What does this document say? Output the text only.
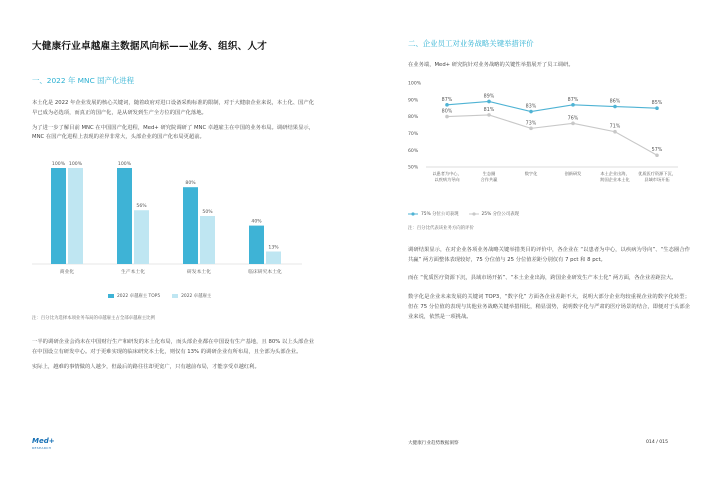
大健康行业卓越雇主数据风向标——业务、组织、人才
一、2022 年 MNC 国产化进程
本土化是 2022 年企业发展的核心关键词，随着政府对进口设备采购标准的限制，对于大健康企业来说，本土化、国产化早已成为必选项，而真正的国产化，是从研发到生产全方位的国产化落地。
为了进一步了解目前 MNC 在中国国产化进程，Med+ 研究院调研了 MNC 卓越雇主在中国的业务布局。调研结果显示，MNC 在国产化进程上表现的差异非常大，头部企业的国产化布局更超前。
100% 100%
商业化
100%
56%
生产本土化
80%
50%
研发本土化
40%
13%
临床研究本土化
2022 卓越雇主 TOP5	2022 卓越雇主
注：百分比为选择本项业务布局的卓越雇主占全部卓越雇主比例
一半的调研企业会尚未在中国财行生产和研发的本土化布局，而头部企业都在中国设有生产基地，且 80% 以上头部企业在中国设立有研发中心。对于更难实现的临床研究本土化，则仅有 13% 的调研企业有所布局，且全部为头部企业。
实际上，越难的事情做的人越少，但最后的路往往却更宽广，只有越前布局，才能享受卓越红利。
二、企业员工对业务战略关键举措评价
在业务端，Med+ 研究院针对业务战略的关键性举措展开了员工调研。
100%
90%
80%
70%
60%
50%
87%
89%
83%
87%	86%	85%
80%	81%
73%
76%
71%
57%
以患者为中心，以疾病为导向
生态圈合作共赢
数字化	创新研发	本土企业出海，跨国企业本土化
优质医疗资源下沉，县域市场开拓
75% 分位公司表现	25% 分位公司表现
注：百分比代表该业务方向的评价
调研结果显示，在对企业各项业务战略关键举措类目的评价中，各企业在 “以患者为中心，以疾病为导向”、“生态圈合作共赢” 两方面整体表现较好，75 分位值与 25 分位值差距分别仅有 7 pct 和 8 pct。
而在 “优质医疗资源下沉，县域市场开拓”、“本土企业出海，跨国企业研发生产本土化” 两方面，各企业差距拉大。
数字化是企业未来发展的关键词 TOP3，“数字化” 方面各企业差距不大，说明大部分企业均较重视企业的数字化转型；但在 75 分位值的表现与其他业务战略关键举措相比，稍显弱势，说明数字化与严肃的医疗场景的结合，即便对于头部企业来说，依然是一项挑战。
Med+
RESEARCH
大健康行业趋势数据洞察	014 / 015
